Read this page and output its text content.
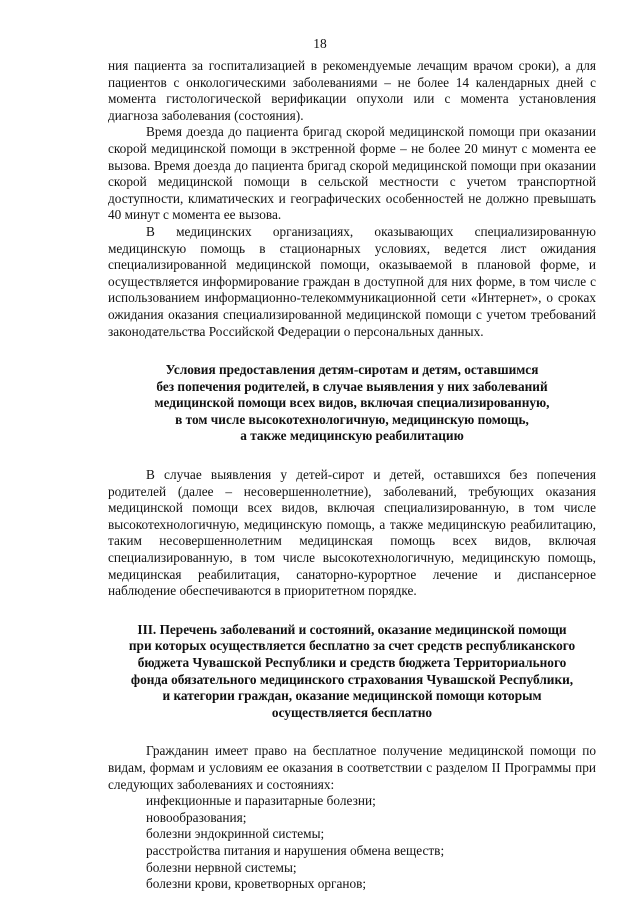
18

ния пациента за госпитализацией в рекомендуемые лечащим врачом сроки), а для пациентов с онкологическими заболеваниями – не более 14 календарных дней с момента гистологической верификации опухоли или с момента установления диагноза заболевания (состояния).

Время доезда до пациента бригад скорой медицинской помощи при оказании скорой медицинской помощи в экстренной форме – не более 20 минут с момента ее вызова. Время доезда до пациента бригад скорой медицинской помощи при оказании скорой медицинской помощи в сельской местности с учетом транспортной доступности, климатических и географических особенностей не должно превышать 40 минут с момента ее вызова.

В медицинских организациях, оказывающих специализированную медицинскую помощь в стационарных условиях, ведется лист ожидания специализированной медицинской помощи, оказываемой в плановой форме, и осуществляется информирование граждан в доступной для них форме, в том числе с использованием информационно-телекоммуникационной сети «Интернет», о сроках ожидания оказания специализированной медицинской помощи с учетом требований законодательства Российской Федерации о персональных данных.

Условия предоставления детям-сиротам и детям, оставшимся
без попечения родителей, в случае выявления у них заболеваний
медицинской помощи всех видов, включая специализированную,
в том числе высокотехнологичную, медицинскую помощь,
а также медицинскую реабилитацию

В случае выявления у детей-сирот и детей, оставшихся без попечения родителей (далее – несовершеннолетние), заболеваний, требующих оказания медицинской помощи всех видов, включая специализированную, в том числе высокотехнологичную, медицинскую помощь, а также медицинскую реабилитацию, таким несовершеннолетним медицинская помощь всех видов, включая специализированную, в том числе высокотехнологичную, медицинскую помощь, медицинская реабилитация, санаторно-курортное лечение и диспансерное наблюдение обеспечиваются в приоритетном порядке.

III. Перечень заболеваний и состояний, оказание медицинской помощи
при которых осуществляется бесплатно за счет средств республиканского
бюджета Чувашской Республики и средств бюджета Территориального
фонда обязательного медицинского страхования Чувашской Республики,
и категории граждан, оказание медицинской помощи которым
осуществляется бесплатно

Гражданин имеет право на бесплатное получение медицинской помощи по видам, формам и условиям ее оказания в соответствии с разделом II Программы при следующих заболеваниях и состояниях:

инфекционные и паразитарные болезни;
новообразования;
болезни эндокринной системы;
расстройства питания и нарушения обмена веществ;
болезни нервной системы;
болезни крови, кроветворных органов;
